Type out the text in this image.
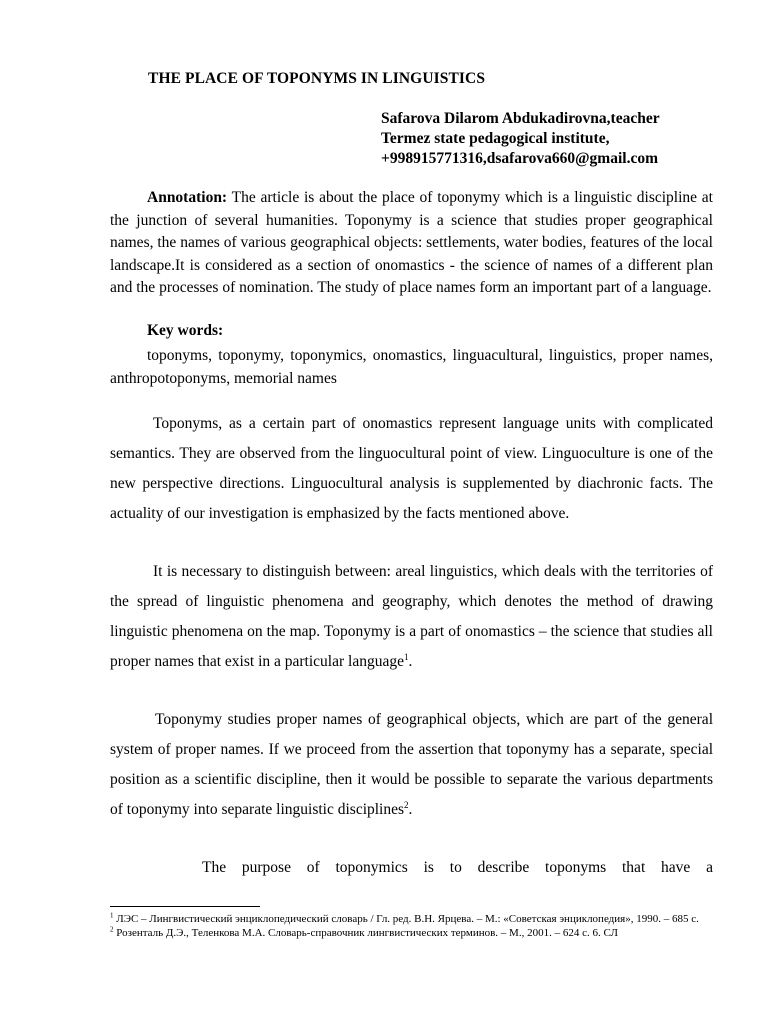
THE PLACE OF TOPONYMS IN LINGUISTICS
Safarova Dilarom Abdukadirovna,teacher
Termez state pedagogical institute,
+998915771316,dsafarova660@gmail.com

Annotation: The article is about the place of toponymy which is a linguistic discipline at the junction of several humanities. Toponymy is a science that studies proper geographical names, the names of various geographical objects: settlements, water bodies, features of the local landscape.It is considered as a section of onomastics - the science of names of a different plan and the processes of nomination. The study of place names form an important part of a language.

Key words:

toponyms, toponymy, toponymics, onomastics, linguacultural, linguistics, proper names, anthropotoponyms, memorial names

Toponyms, as a certain part of onomastics represent language units with complicated semantics. They are observed from the linguocultural point of view. Linguoculture is one of the new perspective directions. Linguocultural analysis is supplemented by diachronic facts. The actuality of our investigation is emphasized by the facts mentioned above.

It is necessary to distinguish between: areal linguistics, which deals with the territories of the spread of linguistic phenomena and geography, which denotes the method of drawing linguistic phenomena on the map. Toponymy is a part of onomastics – the science that studies all proper names that exist in a particular language$^1$.

Toponymy studies proper names of geographical objects, which are part of the general system of proper names. If we proceed from the assertion that toponymy has a separate, special position as a scientific discipline, then it would be possible to separate the various departments of toponymy into separate linguistic disciplines$^2$.

The purpose of toponymics is to describe toponyms that have a

$^1$ ЛЭС – Лингвистический энциклопедический словарь / Гл. ред. В.Н. Ярцева. – М.: «Советская энциклопедия», 1990. – 685 с.

$^2$ Розенталь Д.Э., Теленкова М.А. Словарь-справочник лингвистических терминов. – М., 2001. – 624 с. 6. СЛ
